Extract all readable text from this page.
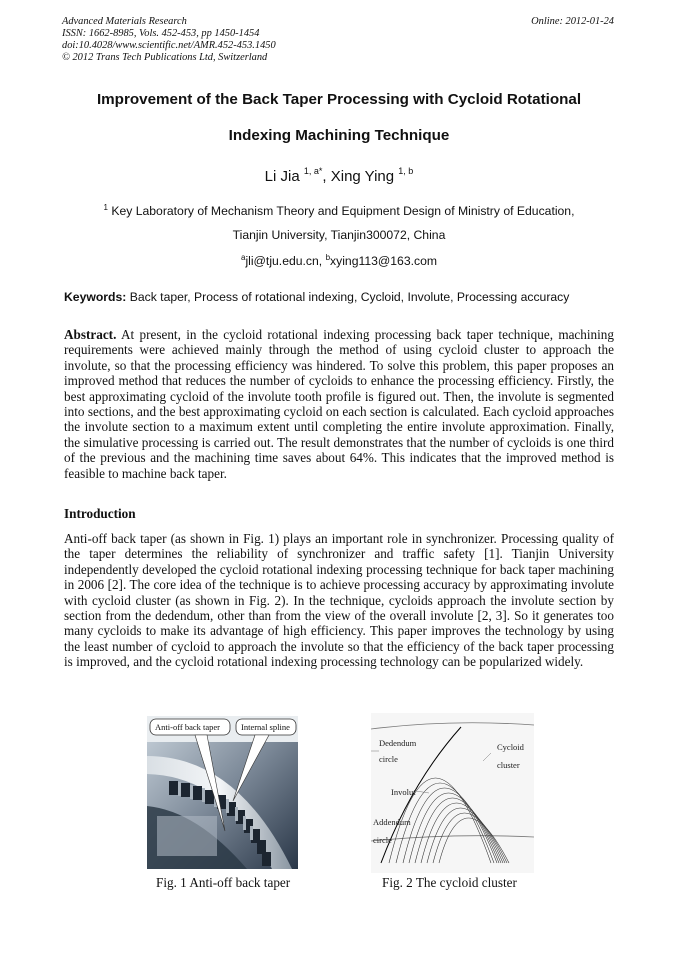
Advanced Materials Research
ISSN: 1662-8985, Vols. 452-453, pp 1450-1454
doi:10.4028/www.scientific.net/AMR.452-453.1450
© 2012 Trans Tech Publications Ltd, Switzerland
Online: 2012-01-24
Improvement of the Back Taper Processing with Cycloid Rotational
Indexing Machining Technique
Li Jia $^{1, a*}$, Xing Ying $^{1, b}$
$^1$ Key Laboratory of Mechanism Theory and Equipment Design of Ministry of Education,
Tianjin University, Tianjin300072, China
$^a$jli@tju.edu.cn, $^b$xying113@163.com
Keywords: Back taper, Process of rotational indexing, Cycloid, Involute, Processing accuracy
Abstract. At present, in the cycloid rotational indexing processing back taper technique, machining requirements were achieved mainly through the method of using cycloid cluster to approach the involute, so that the processing efficiency was hindered. To solve this problem, this paper proposes an improved method that reduces the number of cycloids to enhance the processing efficiency. Firstly, the best approximating cycloid of the involute tooth profile is figured out. Then, the involute is segmented into sections, and the best approximating cycloid on each section is calculated. Each cycloid approaches the involute section to a maximum extent until completing the entire involute approximation. Finally, the simulative processing is carried out. The result demonstrates that the number of cycloids is one third of the previous and the machining time saves about 64%. This indicates that the improved method is feasible to machine back taper.
Introduction
Anti-off back taper (as shown in Fig. 1) plays an important role in synchronizer. Processing quality of the taper determines the reliability of synchronizer and traffic safety [1]. Tianjin University independently developed the cycloid rotational indexing processing technique for back taper machining in 2006 [2]. The core idea of the technique is to achieve processing accuracy by approximating involute with cycloid cluster (as shown in Fig. 2). In the technique, cycloids approach the involute section by section from the dedendum, other than from the view of the overall involute [2, 3]. So it generates too many cycloids to make its advantage of high efficiency. This paper improves the technology by using the least number of cycloid to approach the involute so that the efficiency of the back taper processing is improved, and the cycloid rotational indexing processing technology can be popularized widely.
Anti-off back taper Internal spline
Fig. 1 Anti-off back taper
Dedendum
circle
Cycloid
cluster
Involut
Addendum
circle
Fig. 2 The cycloid cluster
